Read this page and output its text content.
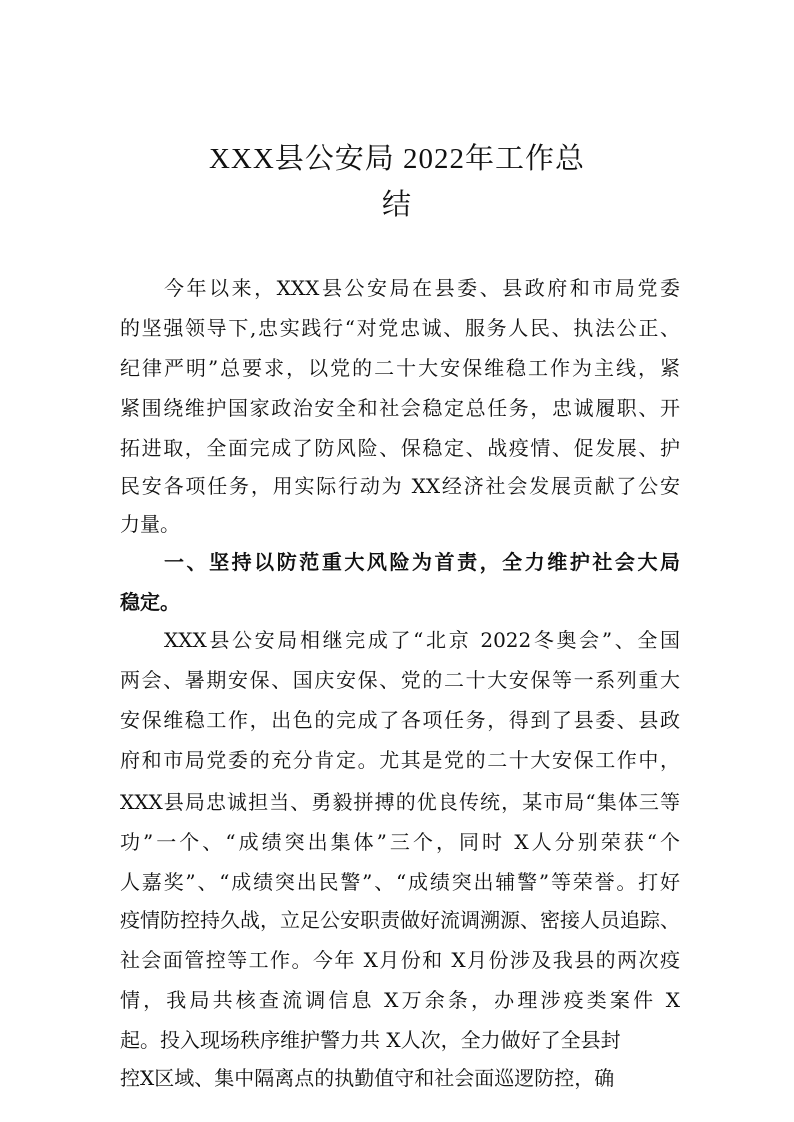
XXX县公安局 2022年工作总
结
今年以来，XXX县公安局在县委、县政府和市局党委
的坚强领导下,忠实践行“对党忠诚、服务人民、执法公正、
纪律严明”总要求，以党的二十大安保维稳工作为主线，紧
紧围绕维护国家政治安全和社会稳定总任务，忠诚履职、开
拓进取，全面完成了防风险、保稳定、战疫情、促发展、护
民安各项任务，用实际行动为 XX经济社会发展贡献了公安
力量。
一、坚持以防范重大风险为首责，全力维护社会大局
稳定。
XXX县公安局相继完成了“北京 2022冬奥会”、全国
两会、暑期安保、国庆安保、党的二十大安保等一系列重大
安保维稳工作，出色的完成了各项任务，得到了县委、县政
府和市局党委的充分肯定。尤其是党的二十大安保工作中，
XXX县局忠诚担当、勇毅拼搏的优良传统，某市局“集体三等
功”一个、“成绩突出集体”三个，同时 X人分别荣获“个
人嘉奖”、“成绩突出民警”、“成绩突出辅警”等荣誉。打好
疫情防控持久战，立足公安职责做好流调溯源、密接人员追踪、
社会面管控等工作。今年 X月份和 X月份涉及我县的两次疫
情，我局共核查流调信息 X万余条，办理涉疫类案件 X
起。投入现场秩序维护警力共 X人次，全力做好了全县封
控X区域、集中隔离点的执勤值守和社会面巡逻防控，确
